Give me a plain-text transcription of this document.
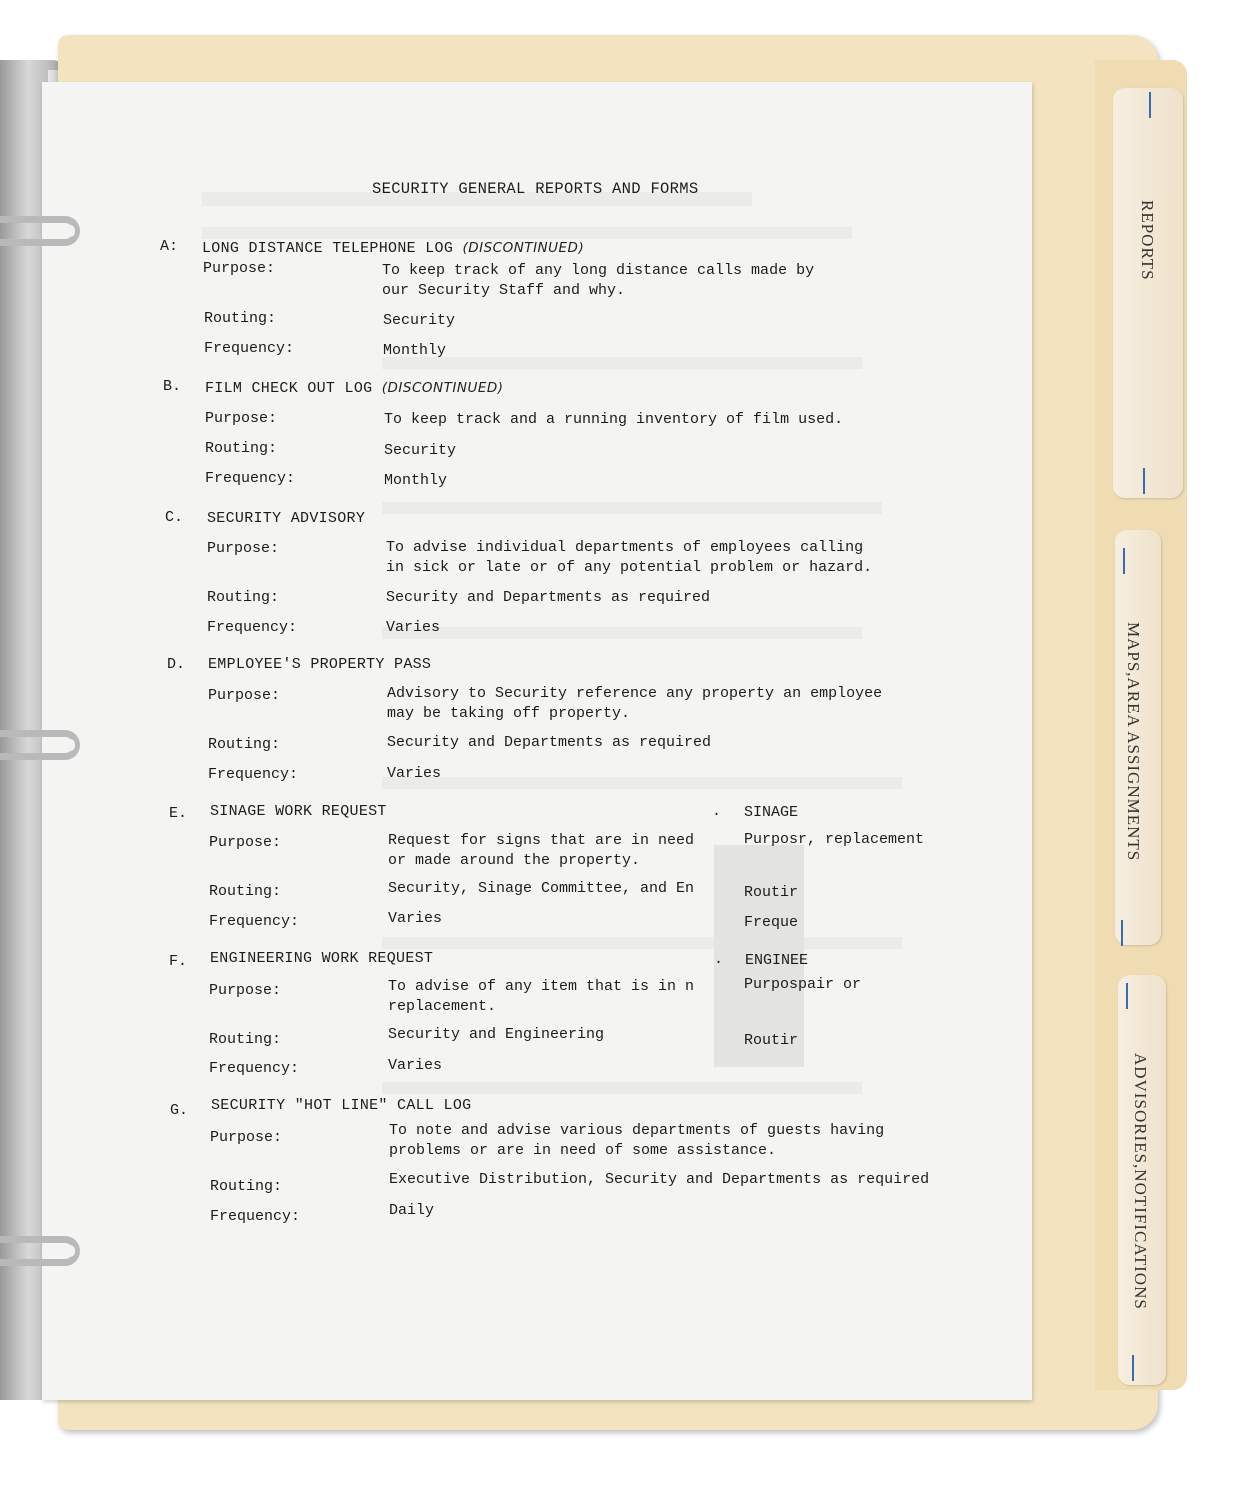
REPORTS
MAPS,AREA ASSIGNMENTS
ADVISORIES,NOTIFICATIONS
SECURITY GENERAL REPORTS AND FORMS
A: LONG DISTANCE TELEPHONE LOG (DISCONTINUED)
Purpose:	To keep track of any long distance calls made by
our Security Staff and why.
Routing:	Security
Frequency:	Monthly
B. FILM CHECK OUT LOG (DISCONTINUED)
Purpose:	To keep track and a running inventory of film used.
Routing:	Security
Frequency:	Monthly
C. SECURITY ADVISORY
Purpose:	To advise individual departments of employees calling
in sick or late or of any potential problem or hazard.
Routing:	Security and Departments as required
Frequency:	Varies
D. EMPLOYEE'S PROPERTY PASS
Purpose:	Advisory to Security reference any property an employee
may be taking off property.
Routing:	Security and Departments as required
Frequency:	Varies
E. SINAGE WORK REQUEST
Purpose:	Request for signs that are in need
or made around the property.
Routing:	Security, Sinage Committee, and En
Frequency:	Varies
F. ENGINEERING WORK REQUEST
Purpose:	To advise of any item that is in n
replacement.
Routing:	Security and Engineering
Frequency:	Varies
. SINAGE
Purposr, replacement
Routir
Freque
. ENGINEE
Purpospair or
Routir
G. SECURITY "HOT LINE" CALL LOG
Purpose:	To note and advise various departments of guests having
problems or are in need of some assistance.
Routing:	Executive Distribution, Security and Departments as required
Frequency:	Daily
